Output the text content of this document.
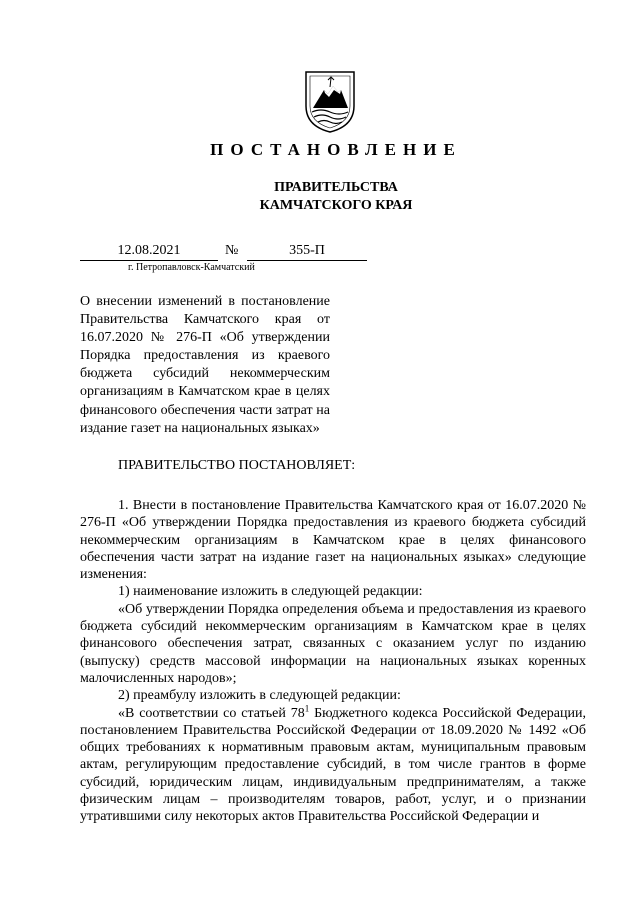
ПОСТАНОВЛЕНИЕ
ПРАВИТЕЛЬСТВА
КАМЧАТСКОГО КРАЯ
12.08.2021	№	355-П
г. Петропавловск-Камчатский
О внесении изменений в постановление Правительства Камчатского края от 16.07.2020 № 276-П «Об утверждении Порядка предоставления из краевого бюджета субсидий некоммерческим организациям в Камчатском крае в целях финансового обеспечения части затрат на издание газет на национальных языках»
ПРАВИТЕЛЬСТВО ПОСТАНОВЛЯЕТ:

1. Внести в постановление Правительства Камчатского края от 16.07.2020 № 276-П «Об утверждении Порядка предоставления из краевого бюджета субсидий некоммерческим организациям в Камчатском крае в целях финансового обеспечения части затрат на издание газет на национальных языках» следующие изменения:

1) наименование изложить в следующей редакции:

«Об утверждении Порядка определения объема и предоставления из краевого бюджета субсидий некоммерческим организациям в Камчатском крае в целях финансового обеспечения затрат, связанных с оказанием услуг по изданию (выпуску) средств массовой информации на национальных языках коренных малочисленных народов»;

2) преамбулу изложить в следующей редакции:

«В соответствии со статьей $78^1$ Бюджетного кодекса Российской Федерации, постановлением Правительства Российской Федерации от 18.09.2020 № 1492 «Об общих требованиях к нормативным правовым актам, муниципальным правовым актам, регулирующим предоставление субсидий, в том числе грантов в форме субсидий, юридическим лицам, индивидуальным предпринимателям, а также физическим лицам – производителям товаров, работ, услуг, и о признании утратившими силу некоторых актов Правительства Российской Федерации и
